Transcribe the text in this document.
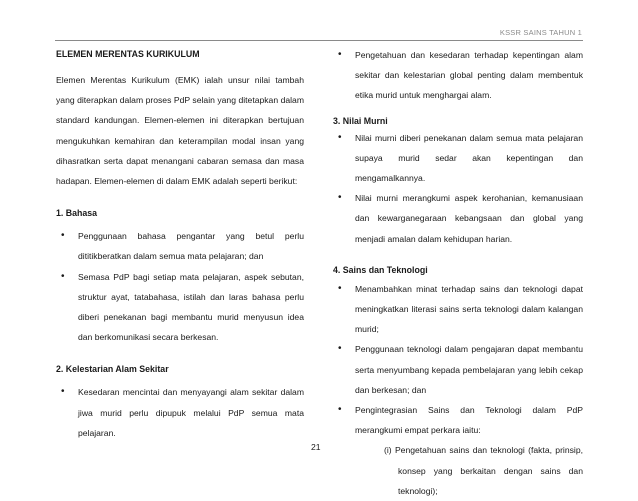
KSSR SAINS TAHUN 1
ELEMEN MERENTAS KURIKULUM

Elemen Merentas Kurikulum (EMK) ialah unsur nilai tambah yang diterapkan dalam proses PdP selain yang ditetapkan dalam standard kandungan. Elemen-elemen ini diterapkan bertujuan mengukuhkan kemahiran dan keterampilan modal insan yang dihasratkan serta dapat menangani cabaran semasa dan masa hadapan. Elemen-elemen di dalam EMK adalah seperti berikut:

1. Bahasa
• Penggunaan bahasa pengantar yang betul perlu dititikberatkan dalam semua mata pelajaran; dan
• Semasa PdP bagi setiap mata pelajaran, aspek sebutan, struktur ayat, tatabahasa, istilah dan laras bahasa perlu diberi penekanan bagi membantu murid menyusun idea dan berkomunikasi secara berkesan.
2. Kelestarian Alam Sekitar
• Kesedaran mencintai dan menyayangi alam sekitar dalam jiwa murid perlu dipupuk melalui PdP semua mata pelajaran.
• Pengetahuan dan kesedaran terhadap kepentingan alam sekitar dan kelestarian global penting dalam membentuk etika murid untuk menghargai alam.
3. Nilai Murni
• Nilai murni diberi penekanan dalam semua mata pelajaran supaya murid sedar akan kepentingan dan mengamalkannya.
• Nilai murni merangkumi aspek kerohanian, kemanusiaan dan kewarganegaraan kebangsaan dan global yang menjadi amalan dalam kehidupan harian.
4. Sains dan Teknologi
• Menambahkan minat terhadap sains dan teknologi dapat meningkatkan literasi sains serta teknologi dalam kalangan murid;
• Penggunaan teknologi dalam pengajaran dapat membantu serta menyumbang kepada pembelajaran yang lebih cekap dan berkesan; dan
• Pengintegrasian Sains dan Teknologi dalam PdP merangkumi empat perkara iaitu:
(i) Pengetahuan sains dan teknologi (fakta, prinsip, konsep yang berkaitan dengan sains dan teknologi);
21
